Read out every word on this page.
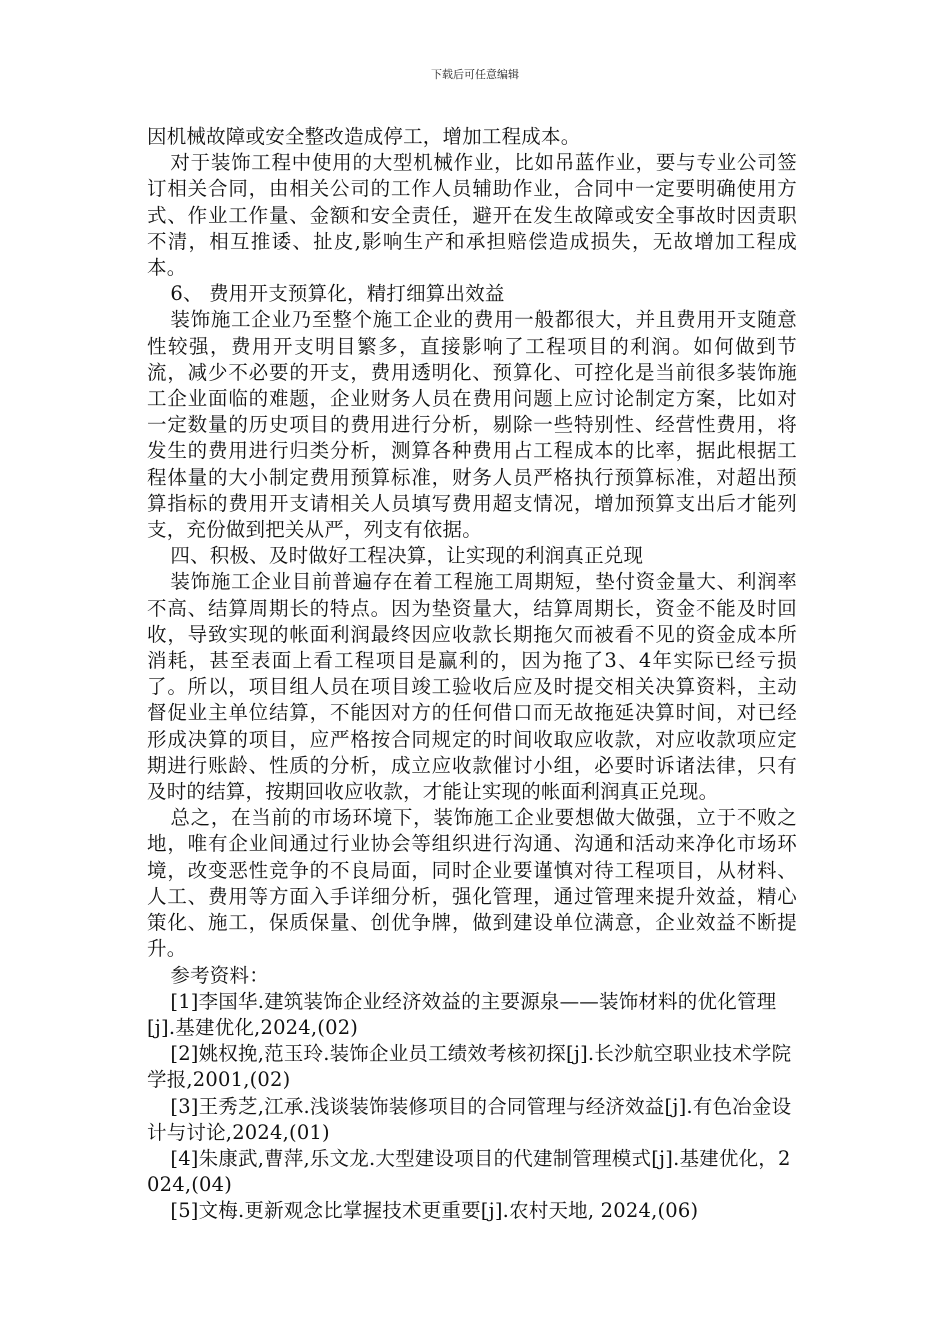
下载后可任意编辑

因机械故障或安全整改造成停工，增加工程成本。

对于装饰工程中使用的大型机械作业，比如吊蓝作业，要与专业公司签订相关合同，由相关公司的工作人员辅助作业，合同中一定要明确使用方式、作业工作量、金额和安全责任，避开在发生故障或安全事故时因责职不清，相互推诿、扯皮,影响生产和承担赔偿造成损失，无故增加工程成本。

6、 费用开支预算化，精打细算出效益

装饰施工企业乃至整个施工企业的费用一般都很大，并且费用开支随意性较强，费用开支明目繁多，直接影响了工程项目的利润。如何做到节流，减少不必要的开支，费用透明化、预算化、可控化是当前很多装饰施工企业面临的难题，企业财务人员在费用问题上应讨论制定方案，比如对一定数量的历史项目的费用进行分析，剔除一些特别性、经营性费用，将发生的费用进行归类分析，测算各种费用占工程成本的比率，据此根据工程体量的大小制定费用预算标准，财务人员严格执行预算标准，对超出预算指标的费用开支请相关人员填写费用超支情况，增加预算支出后才能列支，充份做到把关从严，列支有依据。

四、积极、及时做好工程决算，让实现的利润真正兑现

装饰施工企业目前普遍存在着工程施工周期短，垫付资金量大、利润率不高、结算周期长的特点。因为垫资量大，结算周期长，资金不能及时回收，导致实现的帐面利润最终因应收款长期拖欠而被看不见的资金成本所消耗，甚至表面上看工程项目是赢利的，因为拖了3、4年实际已经亏损了。所以，项目组人员在项目竣工验收后应及时提交相关决算资料，主动督促业主单位结算，不能因对方的任何借口而无故拖延决算时间，对已经形成决算的项目，应严格按合同规定的时间收取应收款，对应收款项应定期进行账龄、性质的分析，成立应收款催讨小组，必要时诉诸法律，只有及时的结算，按期回收应收款，才能让实现的帐面利润真正兑现。

总之，在当前的市场环境下，装饰施工企业要想做大做强，立于不败之地，唯有企业间通过行业协会等组织进行沟通、沟通和活动来净化市场环境，改变恶性竞争的不良局面，同时企业要谨慎对待工程项目，从材料、人工、费用等方面入手详细分析，强化管理，通过管理来提升效益，精心策化、施工，保质保量、创优争牌，做到建设单位满意，企业效益不断提升。

参考资料：

[1]李国华.建筑装饰企业经济效益的主要源泉——装饰材料的优化管理[j].基建优化,2024,(02)

[2]姚权挽,范玉玲.装饰企业员工绩效考核初探[j].长沙航空职业技术学院学报,2001,(02)

[3]王秀芝,江承.浅谈装饰装修项目的合同管理与经济效益[j].有色冶金设计与讨论,2024,(01)

[4]朱康武,曹萍,乐文龙.大型建设项目的代建制管理模式[j].基建优化，2024,(04)

[5]文梅.更新观念比掌握技术更重要[j].农村天地, 2024,(06)
